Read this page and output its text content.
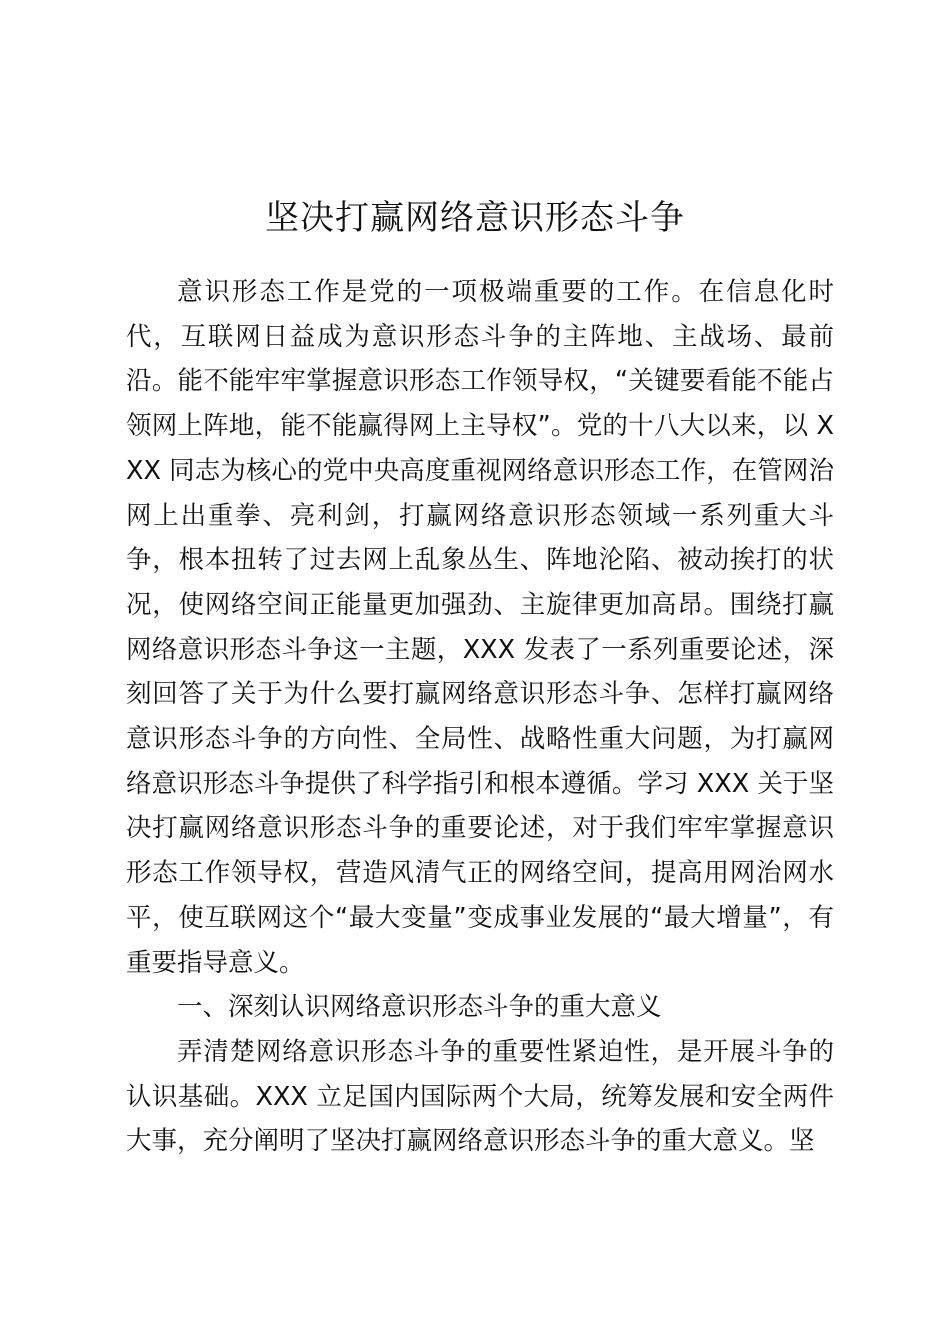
坚决打赢网络意识形态斗争

意识形态工作是党的一项极端重要的工作。在信息化时代，互联网日益成为意识形态斗争的主阵地、主战场、最前沿。能不能牢牢掌握意识形态工作领导权，“关键要看能不能占领网上阵地，能不能赢得网上主导权”。党的十八大以来，以 XXX 同志为核心的党中央高度重视网络意识形态工作，在管网治网上出重拳、亮利剑，打赢网络意识形态领域一系列重大斗争，根本扭转了过去网上乱象丛生、阵地沦陷、被动挨打的状况，使网络空间正能量更加强劲、主旋律更加高昂。围绕打赢网络意识形态斗争这一主题，XXX 发表了一系列重要论述，深刻回答了关于为什么要打赢网络意识形态斗争、怎样打赢网络意识形态斗争的方向性、全局性、战略性重大问题，为打赢网络意识形态斗争提供了科学指引和根本遵循。学习 XXX 关于坚决打赢网络意识形态斗争的重要论述，对于我们牢牢掌握意识形态工作领导权，营造风清气正的网络空间，提高用网治网水平，使互联网这个“最大变量”变成事业发展的“最大增量”，有重要指导意义。

一、深刻认识网络意识形态斗争的重大意义

弄清楚网络意识形态斗争的重要性紧迫性，是开展斗争的认识基础。XXX 立足国内国际两个大局，统筹发展和安全两件大事，充分阐明了坚决打赢网络意识形态斗争的重大意义。坚
